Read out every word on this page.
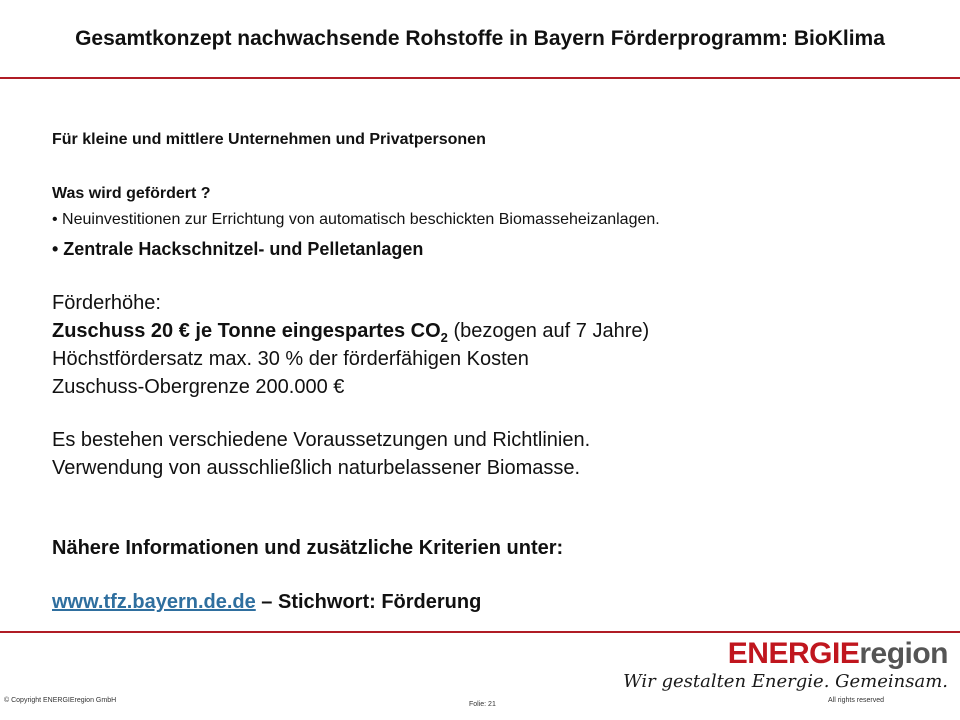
Gesamtkonzept nachwachsende Rohstoffe in Bayern Förderprogramm: BioKlima
Für kleine und mittlere Unternehmen und Privatpersonen
Was wird gefördert ?
• Neuinvestitionen zur Errichtung von automatisch beschickten Biomasseheizanlagen.
• Zentrale Hackschnitzel- und Pelletanlagen
Förderhöhe:
Zuschuss 20 € je Tonne eingespartes $CO_2$ (bezogen auf 7 Jahre)
Höchstfördersatz max. 30 % der förderfähigen Kosten
Zuschuss-Obergrenze 200.000 €
Es bestehen verschiedene Voraussetzungen und Richtlinien.
Verwendung von ausschließlich naturbelassener Biomasse.
Nähere Informationen und zusätzliche Kriterien unter:
www.tfz.bayern.de.de – Stichwort: Förderung
ENERGIEregion
Wir gestalten Energie. Gemeinsam.
© Copyright ENERGIEregion GmbH
Folie: 21
All rights reserved
